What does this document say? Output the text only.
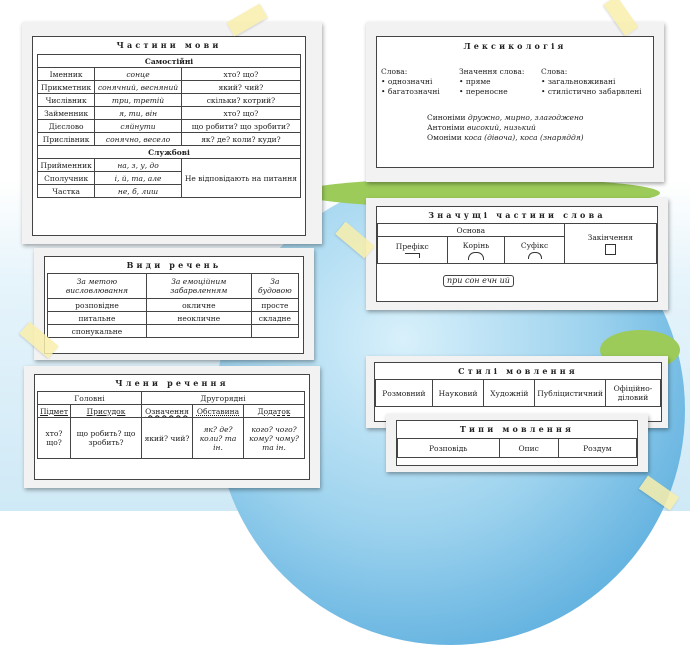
Частини мови
Самостійні		
Іменник	сонце	хто? що?
Прикметник	сонячний, весняний	який? чий?
Числівник	три, третій	скільки? котрий?
Займенник	я, ти, він	хто? що?
Дієслово	сяйнути	що робити? що зробити?
Прислівник	сонячно, весело	як? де? коли? куди?
Службові		
Прийменник	на, з, у, до	Не відповідають на питання
Сполучник	і, й, та, але	
Частка	не, б, лиш	
Види речень
За метою висловлювання	За емоційним забарвленням	За будовою
розповідне	окличне	просте
питальне	неокличне	складне
спонукальне		
Члени речення
Головні		Другорядні		
Підмет	Присудок	Означення	Обставина	Додаток
хто? що?	що робить? що зробить?	який? чий?	як? де? коли? та ін.	кого? чого? кому? чому? та ін.
Лексикологія
Слова:
• однозначні
• багатозначні
Значення слова:
• пряме
• переносне
Слова:
• загальновживані
• стилістично забарвлені
Синоніми дружно, мирно, злагоджено
Антоніми високий, низький
Омоніми коса (дівоча), коса (знаряддя)
Значущі частини слова
Основа			Закінчення

Префікс	Корінь	Суфікс	
при сон ечн ий
Стилі мовлення
Розмовний	Науковий	Художній	Публіцистичний	Офіційно-діловий
Типи мовлення
Розповідь	Опис	Роздум
